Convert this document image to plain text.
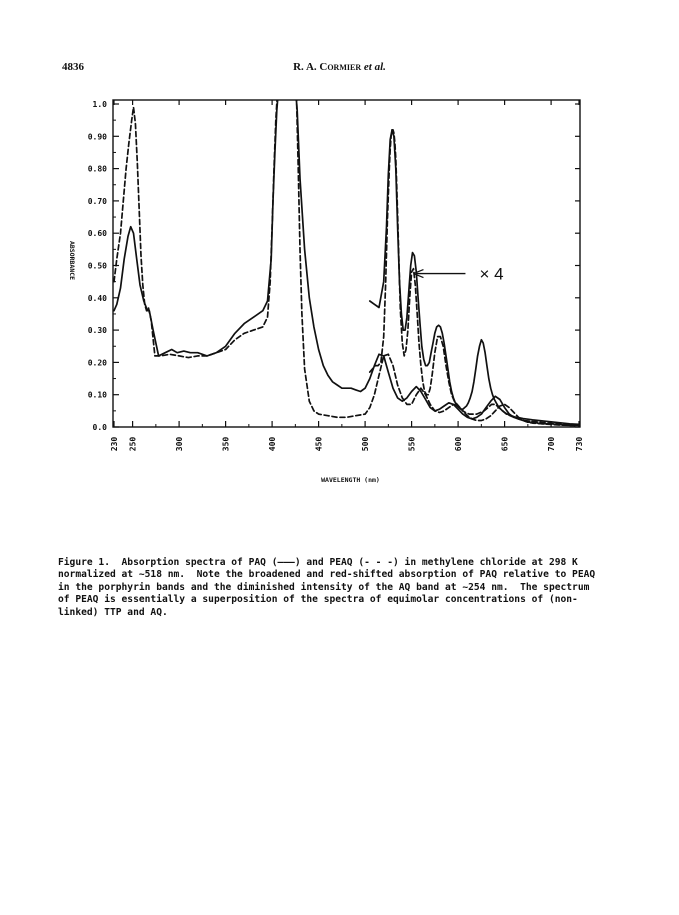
4836	R. A. Cormier et al.
0.0
0.10
0.20
0.30
0.40
0.50
0.60
0.70
0.80
0.90
1.0
230 250	300	350	400	450	500	550	600	650	700 730
WAVELENGTH (nm)
ABSORBANCE	× 4
Figure 1.  Absorption spectra of PAQ (———) and PEAQ (- - -) in methylene chloride at 298 K
normalized at ~518 nm.  Note the broadened and red-shifted absorption of PAQ relative to PEAQ
in the porphyrin bands and the diminished intensity of the AQ band at ~254 nm.  The spectrum
of PEAQ is essentially a superposition of the spectra of equimolar concentrations of (non-
linked) TTP and AQ.
